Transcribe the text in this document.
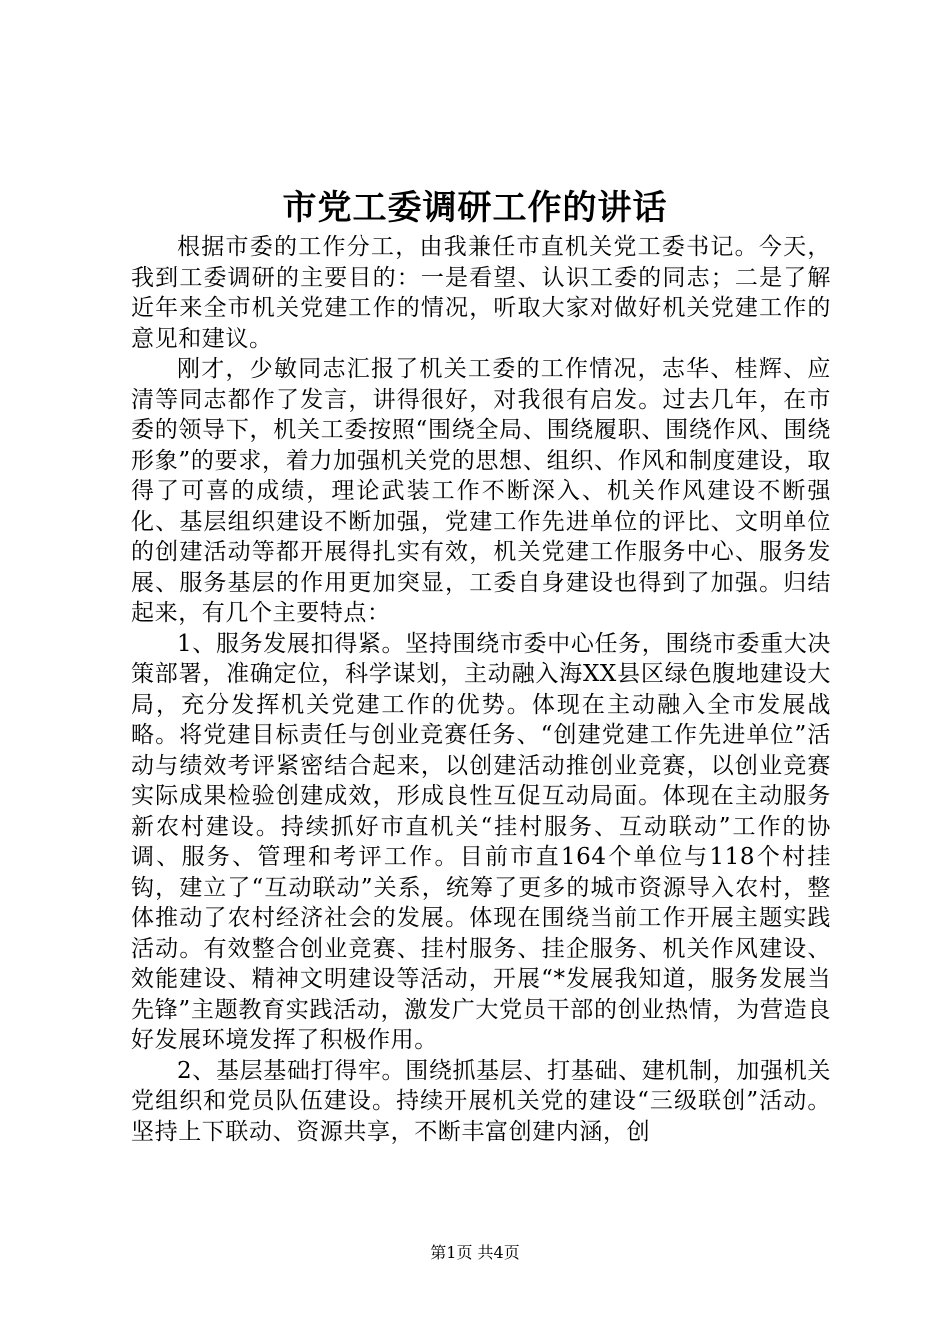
市党工委调研工作的讲话

根据市委的工作分工，由我兼任市直机关党工委书记。今天，我到工委调研的主要目的：一是看望、认识工委的同志；二是了解近年来全市机关党建工作的情况，听取大家对做好机关党建工作的意见和建议。

刚才，少敏同志汇报了机关工委的工作情况，志华、桂辉、应清等同志都作了发言，讲得很好，对我很有启发。过去几年，在市委的领导下，机关工委按照“围绕全局、围绕履职、围绕作风、围绕形象”的要求，着力加强机关党的思想、组织、作风和制度建设，取得了可喜的成绩，理论武装工作不断深入、机关作风建设不断强化、基层组织建设不断加强，党建工作先进单位的评比、文明单位的创建活动等都开展得扎实有效，机关党建工作服务中心、服务发展、服务基层的作用更加突显，工委自身建设也得到了加强。归结起来，有几个主要特点：

1、服务发展扣得紧。坚持围绕市委中心任务，围绕市委重大决策部署，准确定位，科学谋划，主动融入海XX县区绿色腹地建设大局，充分发挥机关党建工作的优势。体现在主动融入全市发展战略。将党建目标责任与创业竞赛任务、“创建党建工作先进单位”活动与绩效考评紧密结合起来，以创建活动推创业竞赛，以创业竞赛实际成果检验创建成效，形成良性互促互动局面。体现在主动服务新农村建设。持续抓好市直机关“挂村服务、互动联动”工作的协调、服务、管理和考评工作。目前市直164个单位与118个村挂钩，建立了“互动联动”关系，统筹了更多的城市资源导入农村，整体推动了农村经济社会的发展。体现在围绕当前工作开展主题实践活动。有效整合创业竞赛、挂村服务、挂企服务、机关作风建设、效能建设、精神文明建设等活动，开展“*发展我知道，服务发展当先锋”主题教育实践活动，激发广大党员干部的创业热情，为营造良好发展环境发挥了积极作用。

2、基层基础打得牢。围绕抓基层、打基础、建机制，加强机关党组织和党员队伍建设。持续开展机关党的建设“三级联创”活动。坚持上下联动、资源共享，不断丰富创建内涵，创

第1页 共4页
